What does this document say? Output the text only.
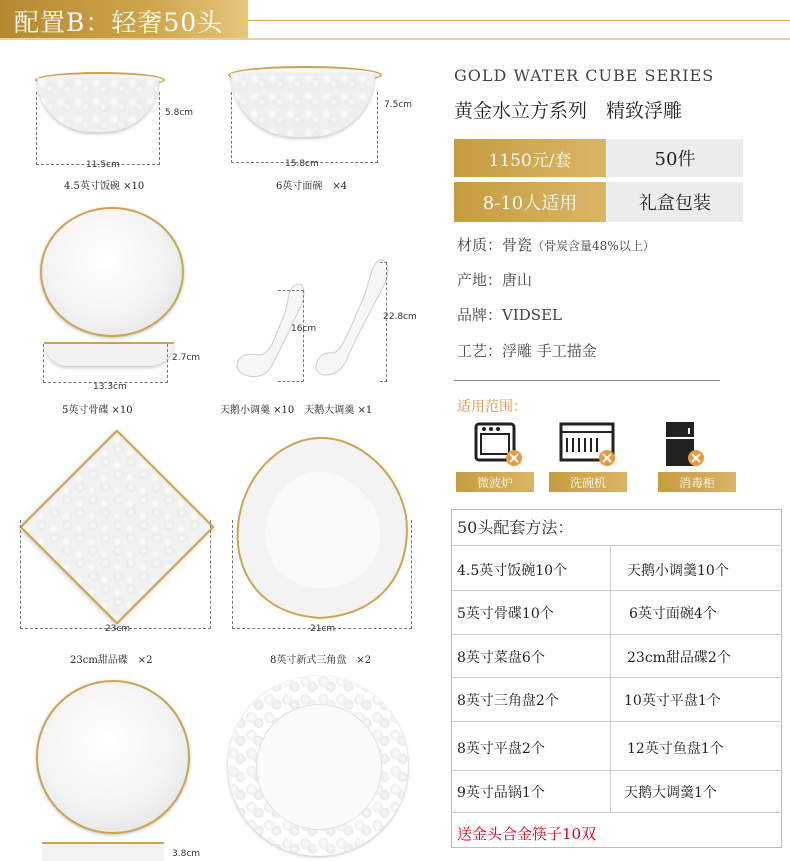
配置B：轻奢50头
5.8cm
11.5cm
4.5英寸饭碗 ×10
7.5cm
15.8cm
6英寸面碗　×4
2.7cm
13.3cm
5英寸骨碟 ×10
16cm
22.8cm
天鹅小调羹 ×10　天鹅大调羹 ×1
23cm
23cm甜品碟　×2
21cm
8英寸新式三角盘　×2
3.8cm
GOLD WATER CUBE SERIES
黄金水立方系列　精致浮雕
1150元/套	50件
8-10人适用	礼盒包装
材质：骨瓷（骨炭含量48%以上）
产地：唐山
品牌：VIDSEL
工艺：浮雕 手工描金
适用范围：
微波炉	洗碗机	消毒柜
50头配套方法：
4.5英寸饭碗10个	天鹅小调羹10个
5英寸骨碟10个	6英寸面碗4个
8英寸菜盘6个	23cm甜品碟2个
8英寸三角盘2个	10英寸平盘1个
8英寸平盘2个	12英寸鱼盘1个
9英寸品锅1个	天鹅大调羹1个
送金头合金筷子10双
